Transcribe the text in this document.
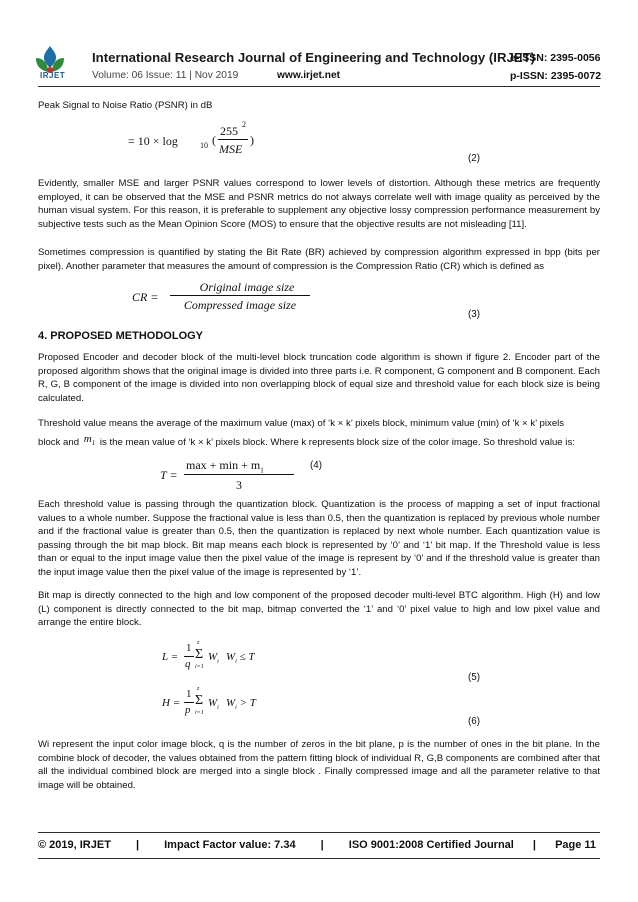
IRJET
International Research Journal of Engineering and Technology (IRJET)
e-ISSN: 2395-0056
Volume: 06 Issue: 11 | Nov 2019	www.irjet.net	p-ISSN: 2395-0072
Peak Signal to Noise Ratio (PSNR) in dB
= 10 × log	10 (
255 2
MSE
)
(2)
Evidently, smaller MSE and larger PSNR values correspond to lower levels of distortion. Although these metrics are frequently employed, it can be observed that the MSE and PSNR metrics do not always correlate well with image quality as perceived by the human visual system. For this reason, it is preferable to supplement any objective lossy compression performance measurement by subjective tests such as the Mean Opinion Score (MOS) to ensure that the objective results are not misleading [11].
Sometimes compression is quantified by stating the Bit Rate (BR) achieved by compression algorithm expressed in bpp (bits per pixel). Another parameter that measures the amount of compression is the Compression Ratio (CR) which is defined as
CR =
Original image size
Compressed image size
(3)
4. PROPOSED METHODOLOGY
Proposed Encoder and decoder block of the multi-level block truncation code algorithm is shown if figure 2. Encoder part of the proposed algorithm shows that the original image is divided into three parts i.e. R component, G component and B component. Each R, G, B component of the image is divided into non overlapping block of equal size and threshold value for each block size is being calculated.
Threshold value means the average of the maximum value (max) of ‘k × k’ pixels block, minimum value (min) of ‘k × k’ pixels
block and $m_1$ is the mean value of ‘k × k’ pixels block. Where k represents block size of the color image. So threshold value is:
T =
$\max + \min + m_1$
3
(4)
Each threshold value is passing through the quantization block. Quantization is the process of mapping a set of input fractional values to a whole number. Suppose the fractional value is less than 0.5, then the quantization is replaced by previous whole number and if the fractional value is greater than 0.5, then the quantization is replaced by next whole number. Each quantization value is passing through the bit map block. Bit map means each block is represented by ‘0’ and ‘1’ bit map. If the Threshold value is less than or equal to the input image value then the pixel value of the image is represent by ‘0’ and if the threshold value is greater than the input image value then the pixel value of the image is represented by ‘1’.
Bit map is directly connected to the high and low component of the proposed decoder multi-level BTC algorithm. High (H) and low (L) component is directly connected to the bit map, bitmap converted the ‘1’ and ‘0’ pixel value to high and low pixel value and arrange the entire block.
L =
1
q
z
Σ
i=1
$W_i$ $W_i \le T$
(5)
H =
1
p
z
Σ
i=1
$W_i$ $W_i > T$
(6)
Wi represent the input color image block, q is the number of zeros in the bit plane, p is the number of ones in the bit plane. In the combine block of decoder, the values obtained from the pattern fitting block of individual R, G,B components are combined after that all the individual combined block are merged into a single block . Finally compressed image and all the parameter relative to that image will be obtained.
© 2019, IRJET | Impact Factor value: 7.34 | ISO 9001:2008 Certified Journal | Page 11
